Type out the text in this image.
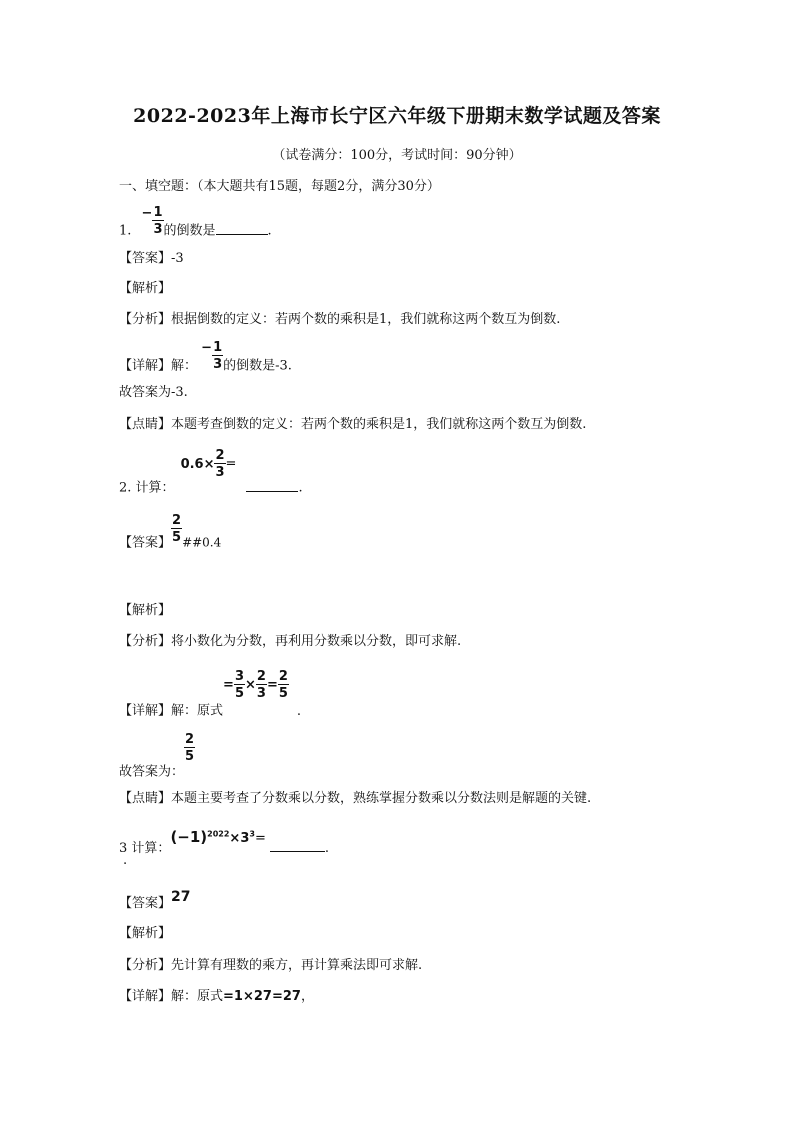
2022-2023年上海市长宁区六年级下册期末数学试题及答案
（试卷满分：100分，考试时间：90分钟）
一、填空题：（本大题共有15题，每题2分，满分30分）
1. − $\frac{1}{3}$ 的倒数是	.
【答案】-3
【解析】
【分析】根据倒数的定义：若两个数的乘积是1，我们就称这两个数互为倒数.
【详解】解： − $\frac{1}{3}$ 的倒数是-3.
故答案为-3.
【点睛】本题考查倒数的定义：若两个数的乘积是1，我们就称这两个数互为倒数.
2. 计算：$0.6\times \frac{2}{3}$ =.
【答案】 $\frac{2}{5}$ ##0.4
【解析】
【分析】将小数化为分数，再利用分数乘以分数，即可求解.
【详解】解：原式= $\frac{3}{5} \times \frac{2}{3} = \frac{2}{5}$
.
故答案为：
$\frac{2}{5}$
【点睛】本题主要考查了分数乘以分数，熟练掌握分数乘以分数法则是解题的关键.
3 计算：$(-1)^{2022}\times 3^3=$.
.
【答案】27
【解析】
【分析】先计算有理数的乘方，再计算乘法即可求解.
【详解】解：原式=1×27=27，
